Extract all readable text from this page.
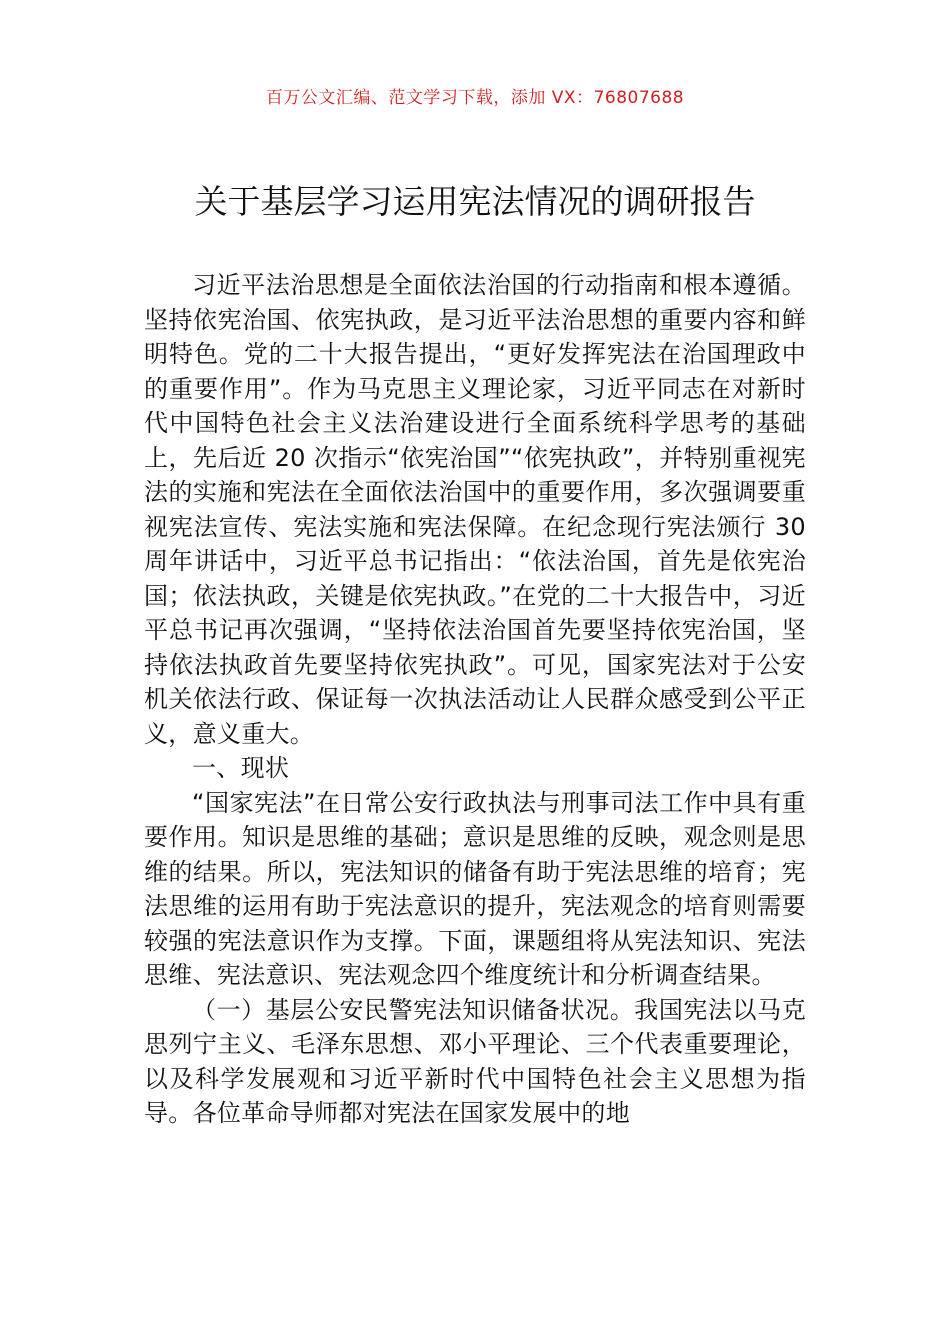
百万公文汇编、范文学习下载，添加 VX：76807688
关于基层学习运用宪法情况的调研报告

习近平法治思想是全面依法治国的行动指南和根本遵循。坚持依宪治国、依宪执政，是习近平法治思想的重要内容和鲜明特色。党的二十大报告提出，“更好发挥宪法在治国理政中的重要作用”。作为马克思主义理论家，习近平同志在对新时代中国特色社会主义法治建设进行全面系统科学思考的基础上，先后近 20 次指示“依宪治国”“依宪执政”，并特别重视宪法的实施和宪法在全面依法治国中的重要作用，多次强调要重视宪法宣传、宪法实施和宪法保障。在纪念现行宪法颁行 30 周年讲话中，习近平总书记指出：“依法治国，首先是依宪治国；依法执政，关键是依宪执政。”在党的二十大报告中，习近平总书记再次强调，“坚持依法治国首先要坚持依宪治国，坚持依法执政首先要坚持依宪执政”。可见，国家宪法对于公安机关依法行政、保证每一次执法活动让人民群众感受到公平正义，意义重大。

一、现状

“国家宪法”在日常公安行政执法与刑事司法工作中具有重要作用。知识是思维的基础；意识是思维的反映，观念则是思维的结果。所以，宪法知识的储备有助于宪法思维的培育；宪法思维的运用有助于宪法意识的提升，宪法观念的培育则需要较强的宪法意识作为支撑。下面，课题组将从宪法知识、宪法思维、宪法意识、宪法观念四个维度统计和分析调查结果。

（一）基层公安民警宪法知识储备状况。我国宪法以马克思列宁主义、毛泽东思想、邓小平理论、三个代表重要理论，以及科学发展观和习近平新时代中国特色社会主义思想为指导。各位革命导师都对宪法在国家发展中的地
